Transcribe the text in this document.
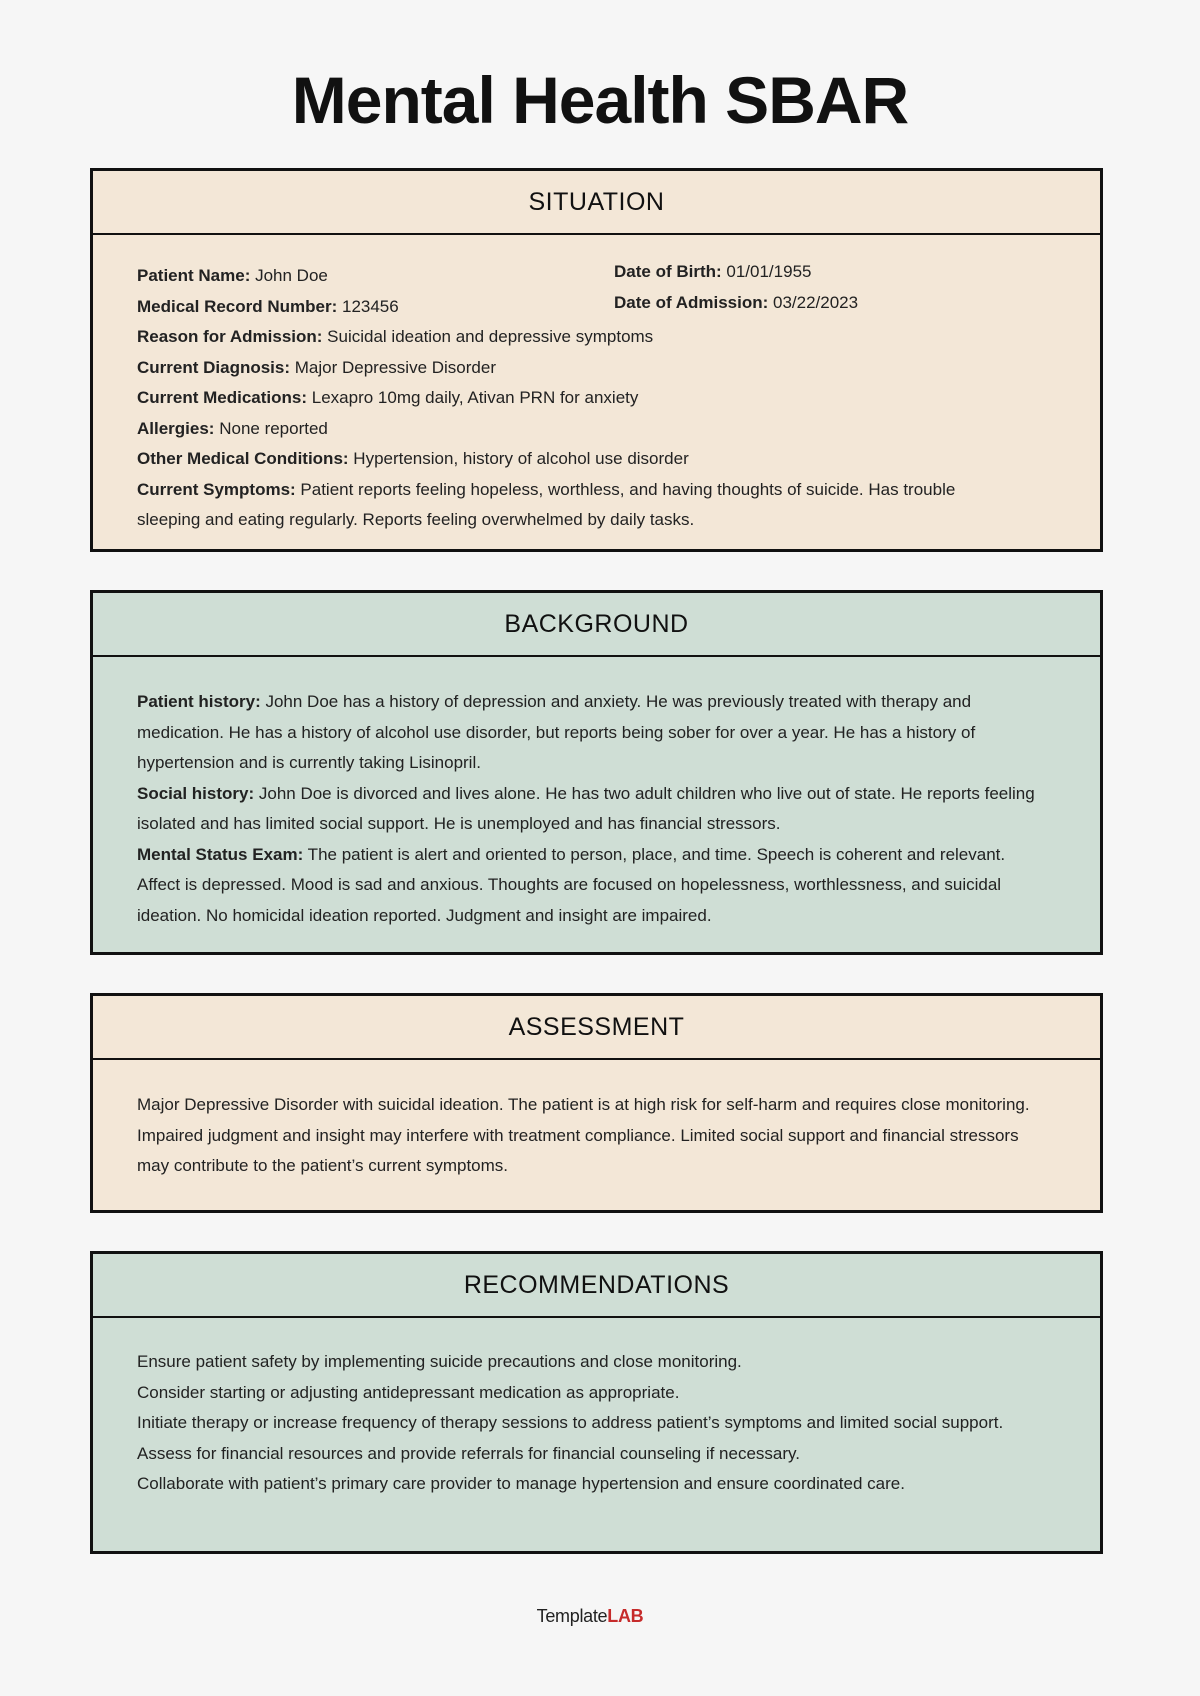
Mental Health SBAR
SITUATION
Patient Name: John Doe
Medical Record Number: 123456
Date of Birth: 01/01/1955
Date of Admission: 03/22/2023
Reason for Admission: Suicidal ideation and depressive symptoms
Current Diagnosis: Major Depressive Disorder
Current Medications: Lexapro 10mg daily, Ativan PRN for anxiety
Allergies: None reported
Other Medical Conditions: Hypertension, history of alcohol use disorder
Current Symptoms: Patient reports feeling hopeless, worthless, and having thoughts of suicide. Has trouble sleeping and eating regularly. Reports feeling overwhelmed by daily tasks.
BACKGROUND
Patient history: John Doe has a history of depression and anxiety. He was previously treated with therapy and medication. He has a history of alcohol use disorder, but reports being sober for over a year. He has a history of hypertension and is currently taking Lisinopril.
Social history: John Doe is divorced and lives alone. He has two adult children who live out of state. He reports feeling isolated and has limited social support. He is unemployed and has financial stressors.
Mental Status Exam: The patient is alert and oriented to person, place, and time. Speech is coherent and relevant. Affect is depressed. Mood is sad and anxious. Thoughts are focused on hopelessness, worthlessness, and suicidal ideation. No homicidal ideation reported. Judgment and insight are impaired.
ASSESSMENT
Major Depressive Disorder with suicidal ideation. The patient is at high risk for self-harm and requires close monitoring. Impaired judgment and insight may interfere with treatment compliance. Limited social support and financial stressors may contribute to the patient’s current symptoms.
RECOMMENDATIONS
Ensure patient safety by implementing suicide precautions and close monitoring.
Consider starting or adjusting antidepressant medication as appropriate.
Initiate therapy or increase frequency of therapy sessions to address patient’s symptoms and limited social support.
Assess for financial resources and provide referrals for financial counseling if necessary.
Collaborate with patient’s primary care provider to manage hypertension and ensure coordinated care.
TemplateLAB
